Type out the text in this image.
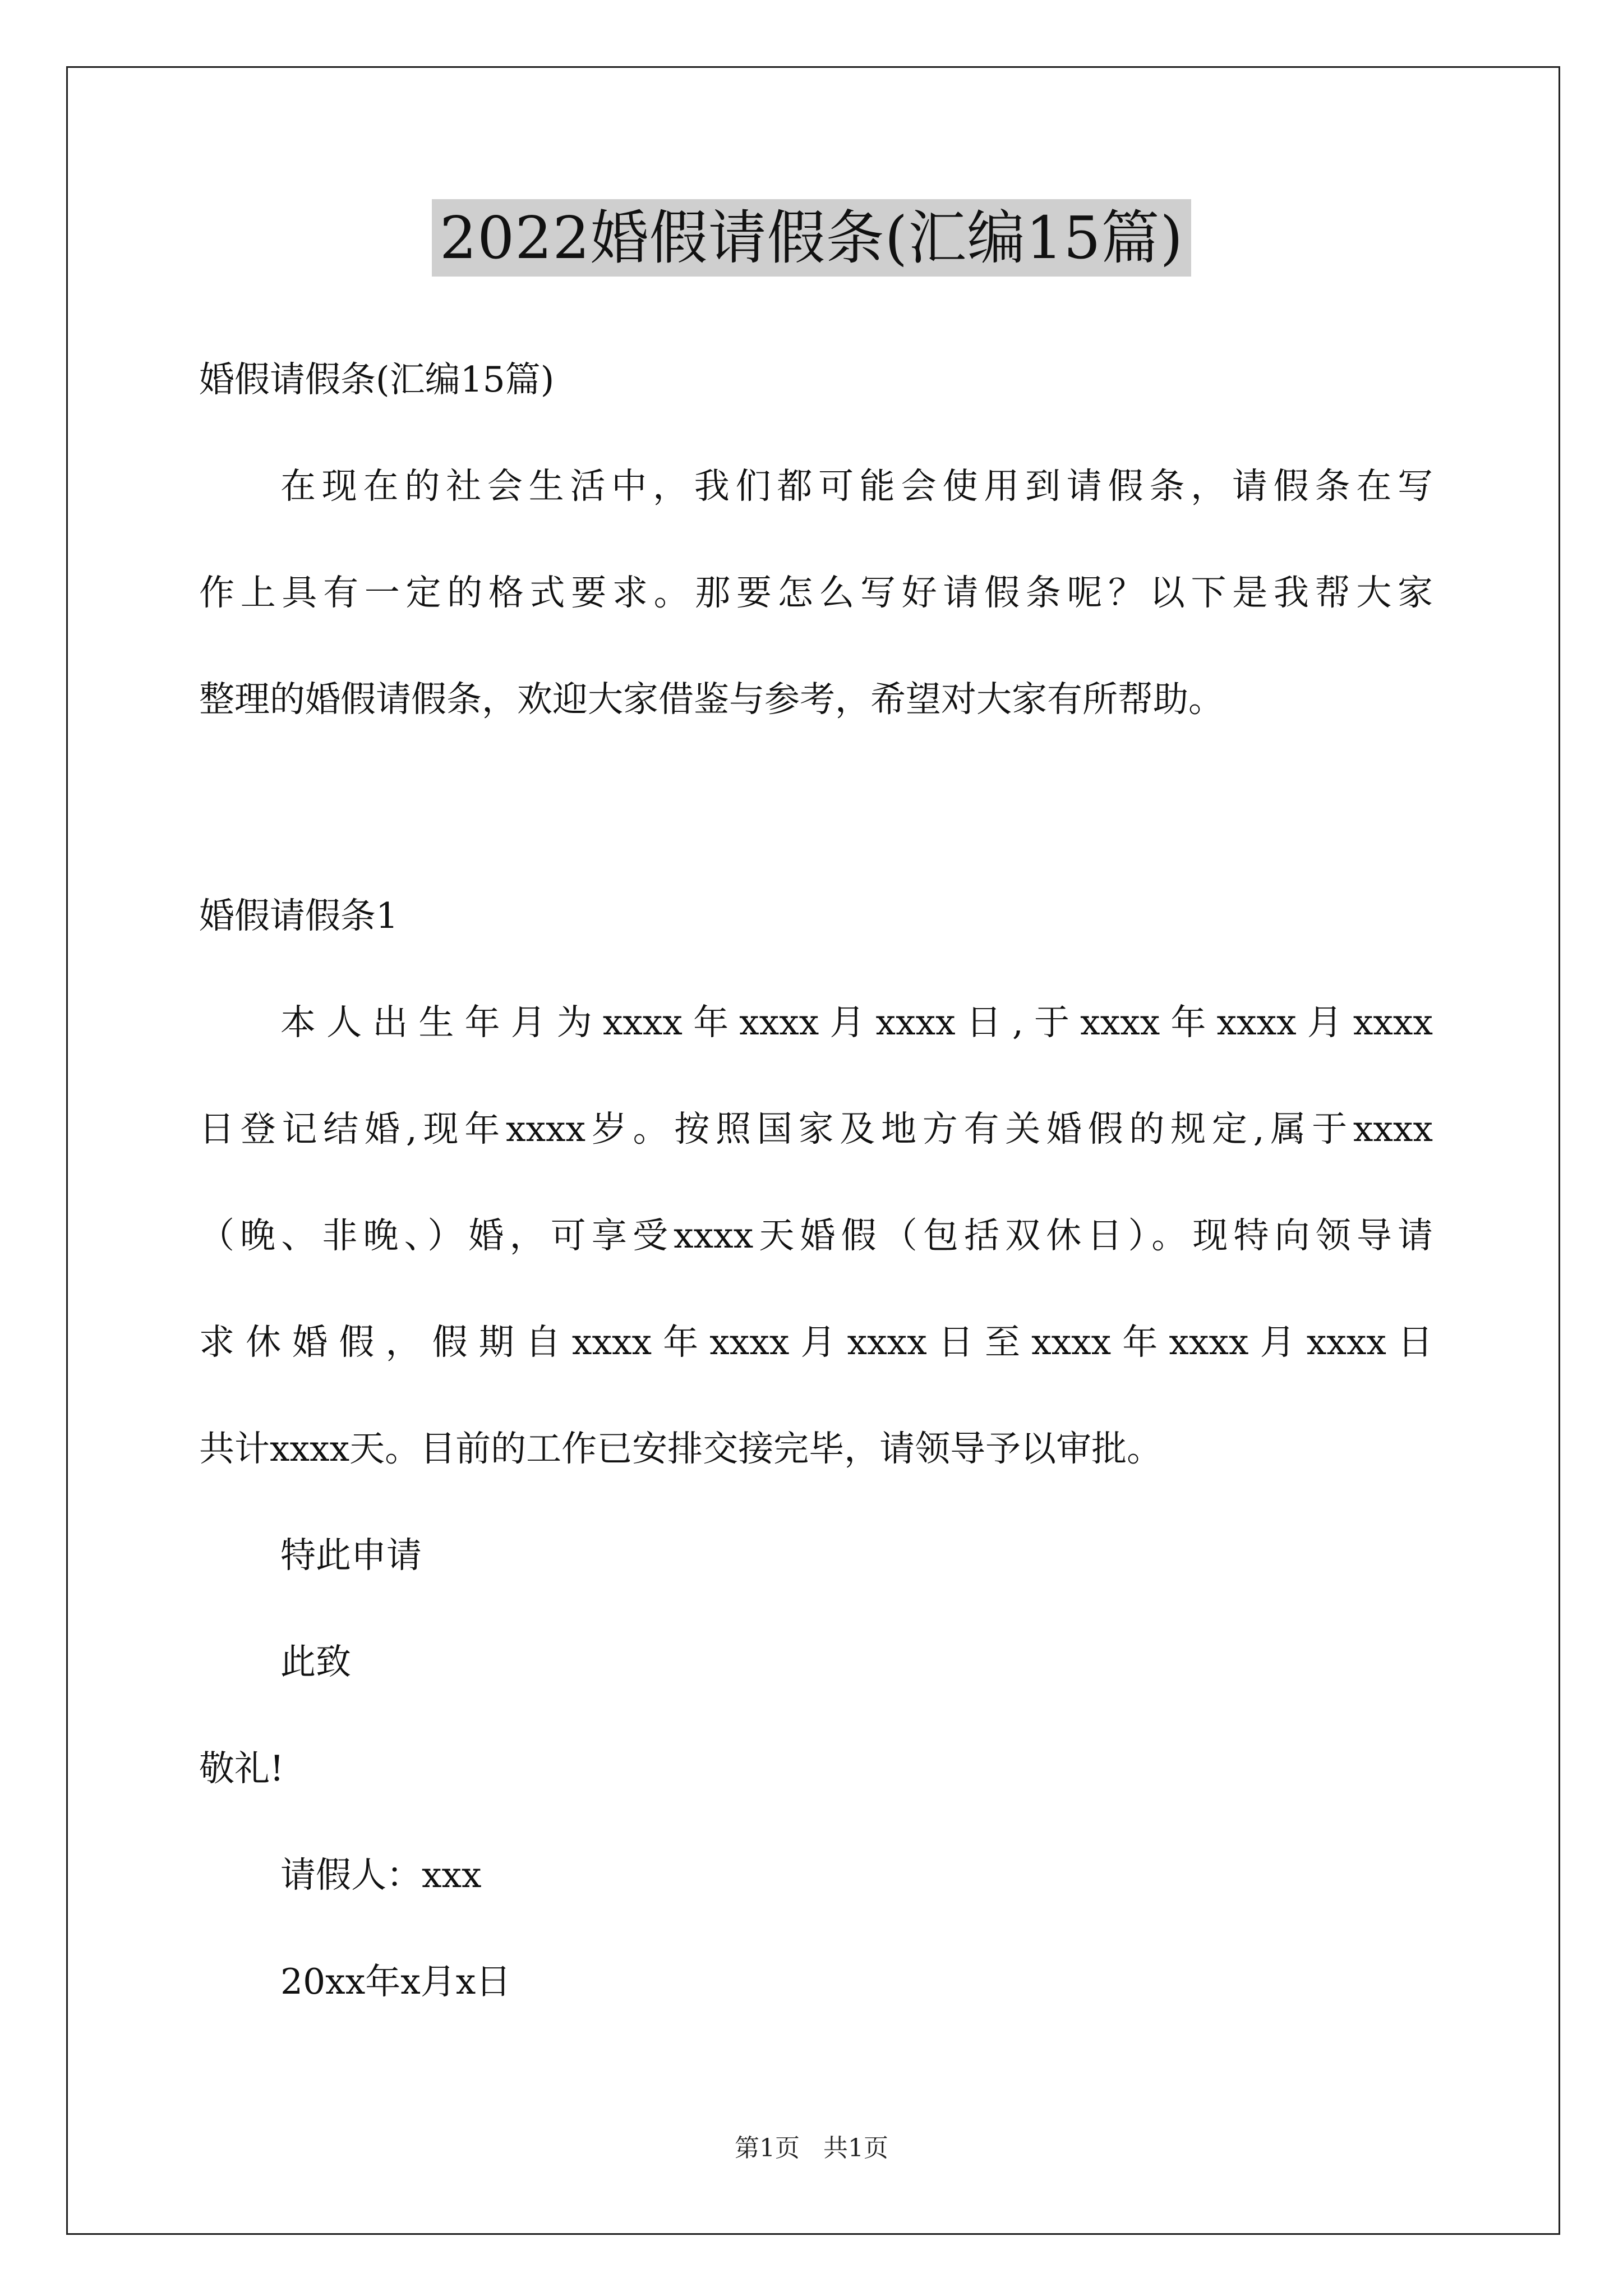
2022婚假请假条(汇编15篇)
婚假请假条(汇编15篇)
在现在的社会生活中，我们都可能会使用到请假条，请假条在写
作上具有一定的格式要求。那要怎么写好请假条呢？以下是我帮大家
整理的婚假请假条，欢迎大家借鉴与参考，希望对大家有所帮助。
婚假请假条1
本人出生年月为xxxx年xxxx月xxxx日,于xxxx年xxxx月xxxx
日登记结婚,现年xxxx岁。按照国家及地方有关婚假的规定,属于xxxx
（晚、非晚、）婚，可享受xxxx天婚假（包括双休日）。现特向领导请
求休婚假，假期自xxxx年xxxx月xxxx日至xxxx年xxxx月xxxx日
共计xxxx天。目前的工作已安排交接完毕，请领导予以审批。
特此申请
此致
敬礼!
请假人：xxx
20xx年x月x日
第1页 共1页
